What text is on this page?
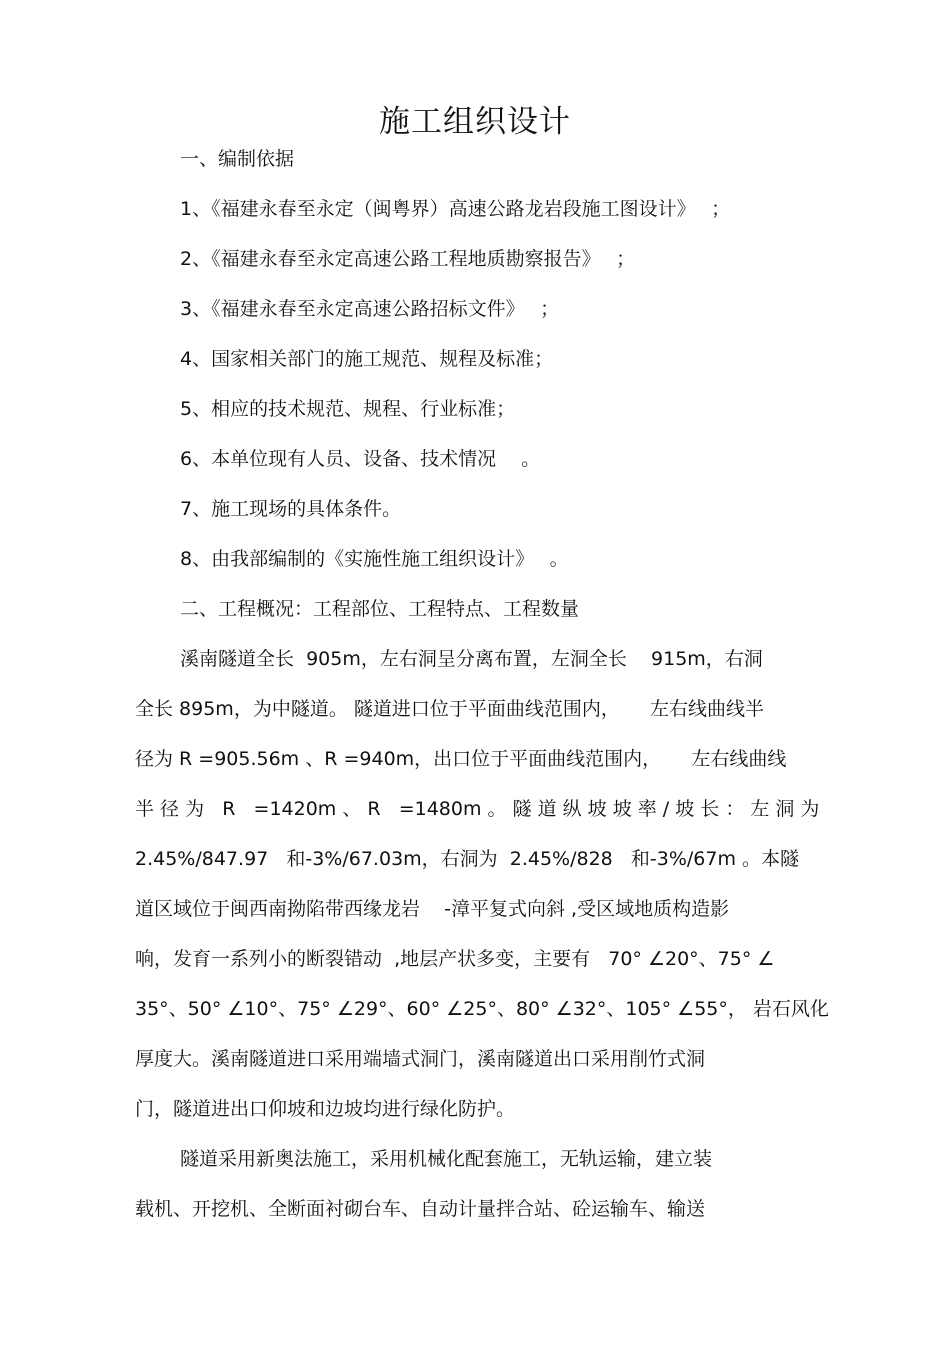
施工组织设计
一、编制依据
1、《福建永春至永定（闽粤界）高速公路龙岩段施工图设计》　 ；
2、《福建永春至永定高速公路工程地质勘察报告》　 ；
3、《福建永春至永定高速公路招标文件》　 ；
4、国家相关部门的施工规范、规程及标准；
5、相应的技术规范、规程、行业标准；
6、本单位现有人员、设备、技术情况　 。
7、施工现场的具体条件。
8、由我部编制的《实施性施工组织设计》　 。
二、工程概况：工程部位、工程特点、工程数量
溪南隧道全长  905m，左右洞呈分离布置，左洞全长    915m，右洞
全长 895m，为中隧道。 隧道进口位于平面曲线范围内，     左右线曲线半
径为 R =905.56m 、R =940m，出口位于平面曲线范围内，     左右线曲线
半 径 为   R   =1420m 、 R   =1480m 。 隧 道 纵 坡 坡 率 / 坡 长 ： 左 洞 为
2.45%/847.97   和-3%/67.03m，右洞为  2.45%/828   和-3%/67m 。本隧
道区域位于闽西南拗陷带西缘龙岩    -漳平复式向斜 ,受区域地质构造影
响，发育一系列小的断裂错动  ,地层产状多变，主要有   70° ∠20°、75° ∠
35°、50° ∠10°、75° ∠29°、60° ∠25°、80° ∠32°、105° ∠55°， 岩石风化
厚度大。溪南隧道进口采用端墙式洞门，溪南隧道出口采用削竹式洞
门，隧道进出口仰坡和边坡均进行绿化防护。
隧道采用新奥法施工，采用机械化配套施工，无轨运输，建立装
载机、开挖机、全断面衬砌台车、自动计量拌合站、砼运输车、输送
